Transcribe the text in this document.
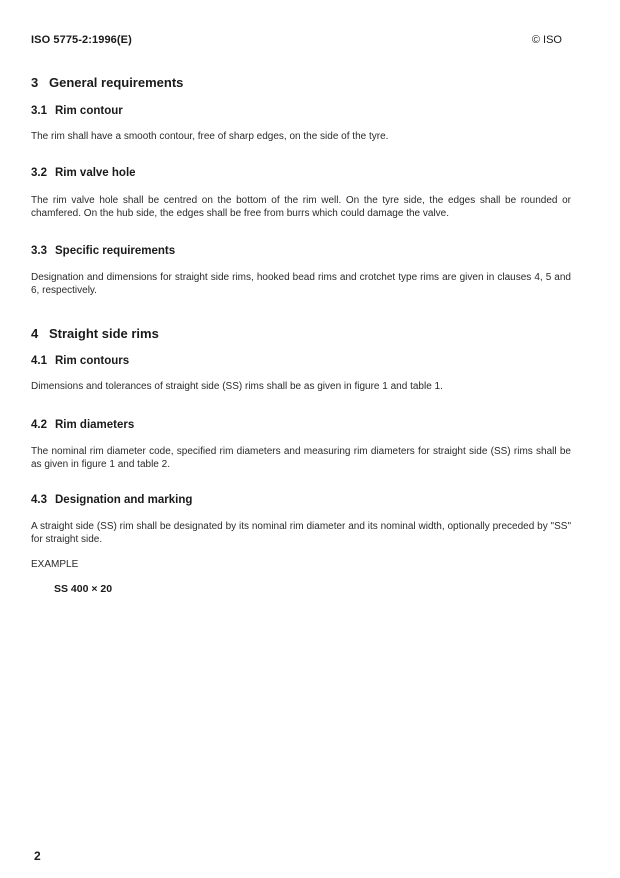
ISO 5775-2:1996(E)	© ISO
3 General requirements
3.1 Rim contour
The rim shall have a smooth contour, free of sharp edges, on the side of the tyre.
3.2 Rim valve hole
The rim valve hole shall be centred on the bottom of the rim well. On the tyre side, the edges shall be rounded or chamfered. On the hub side, the edges shall be free from burrs which could damage the valve.
3.3 Specific requirements
Designation and dimensions for straight side rims, hooked bead rims and crotchet type rims are given in clauses 4, 5 and 6, respectively.
4 Straight side rims
4.1 Rim contours
Dimensions and tolerances of straight side (SS) rims shall be as given in figure 1 and table 1.
4.2 Rim diameters
The nominal rim diameter code, specified rim diameters and measuring rim diameters for straight side (SS) rims shall be as given in figure 1 and table 2.
4.3 Designation and marking
A straight side (SS) rim shall be designated by its nominal rim diameter and its nominal width, optionally preceded by "SS" for straight side.
EXAMPLE
SS 400 × 20
2
